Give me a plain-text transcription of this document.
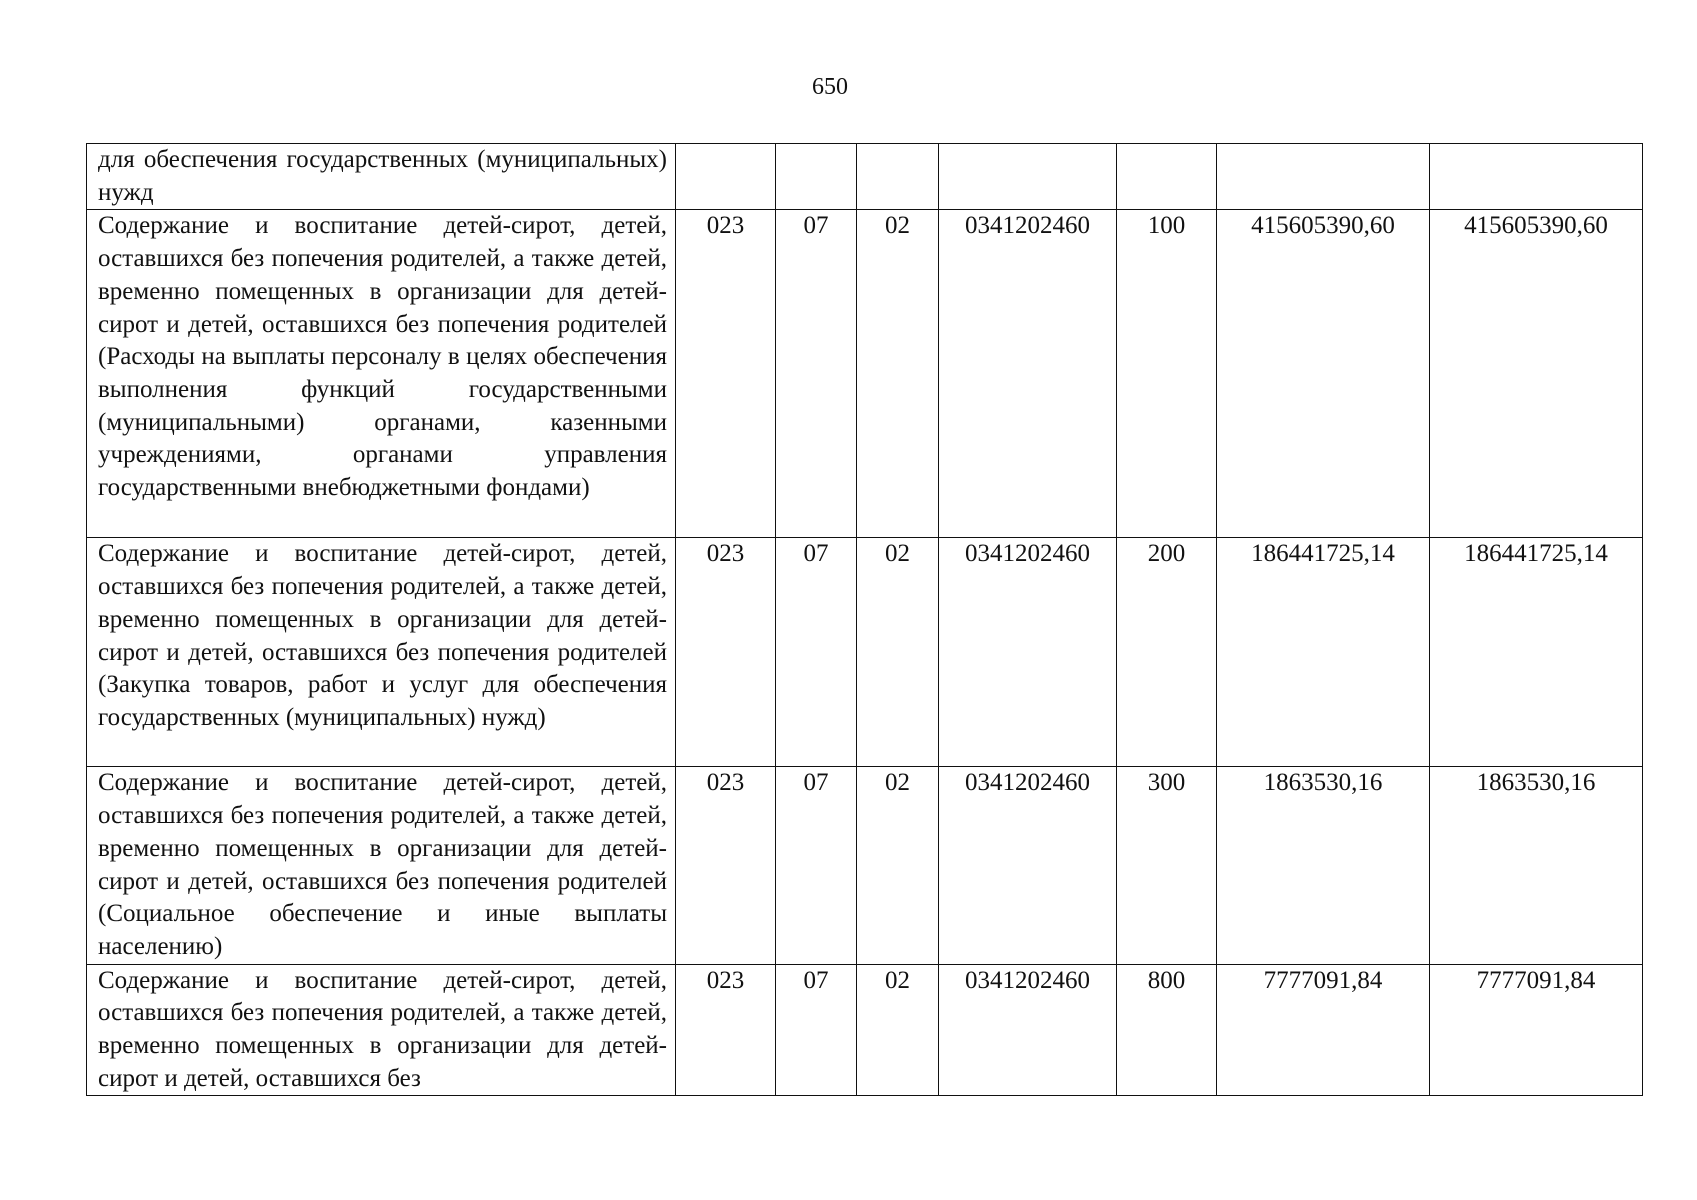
650
для обеспечения государственных (муниципальных) нужд							

Содержание и воспитание детей-сирот, детей, оставшихся без попечения родителей, а также детей, временно помещенных в организации для детей-сирот и детей, оставшихся без попечения родителей (Расходы на выплаты персоналу в целях обеспечения выполнения функций государственными (муниципальными) органами, казенными учреждениями, органами управления государственными внебюджетными фондами)	023	07	02	0341202460	100	415605390,60	415605390,60
Содержание и воспитание детей-сирот, детей, оставшихся без попечения родителей, а также детей, временно помещенных в организации для детей-сирот и детей, оставшихся без попечения родителей (Закупка товаров, работ и услуг для обеспечения государственных (муниципальных) нужд)	023	07	02	0341202460	200	186441725,14	186441725,14
Содержание и воспитание детей-сирот, детей, оставшихся без попечения родителей, а также детей, временно помещенных в организации для детей-сирот и детей, оставшихся без попечения родителей (Социальное обеспечение и иные выплаты населению)	023	07	02	0341202460	300	1863530,16	1863530,16
Содержание и воспитание детей-сирот, детей, оставшихся без попечения родителей, а также детей, временно помещенных в организации для детей-сирот и детей, оставшихся без	023	07	02	0341202460	800	7777091,84	7777091,84
